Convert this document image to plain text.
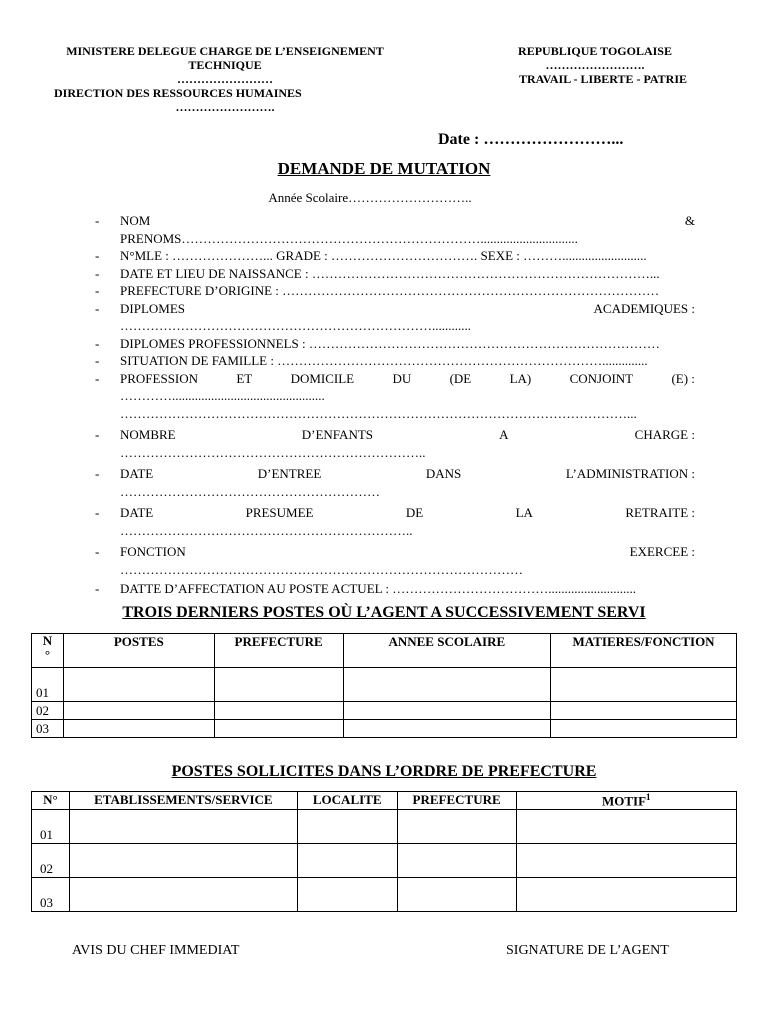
MINISTERE DELEGUE CHARGE DE L’ENSEIGNEMENT
TECHNIQUE
……………………
DIRECTION DES RESSOURCES HUMAINES
…………………….
REPUBLIQUE TOGOLAISE
…………………….
TRAVAIL - LIBERTE - PATRIE
Date : ……………………...
DEMANDE DE MUTATION
Année Scolaire………………………..
-	NOM	&
PRENOMS……………………………………………………………..............................
-	N°MLE : …………………... GRADE : ……………………………. SEXE : ………..........................
-	DATE ET LIEU DE NAISSANCE : ……………………………………………………………………...
-	PREFECTURE D’ORIGINE : ……………………………………………………………………………
-	DIPLOMES	ACADEMIQUES :
………………………………………………………………............
-	DIPLOMES PROFESSIONNELS : ………………………………………………………………………
-	SITUATION DE FAMILLE : …………………………………………………………………..............
-	PROFESSION	ET	DOMICILE	DU	(DE	LA)	CONJOINT	(E) :
…………...............................................
………………………………………………………………………………………………………...
-	NOMBRE	D’ENFANTS	A	CHARGE :
……………………………………………………………..
-	DATE	D’ENTREE	DANS	L’ADMINISTRATION :
……………………………………………………
-	DATE	PRESUMEE	DE	LA	RETRAITE :
…………………………………………………………..
-	FONCTION	EXERCEE :
…………………………………………………………………………………
-	DATTE D’AFFECTATION AU POSTE ACTUEL : ………………………………...........................
TROIS DERNIERS POSTES OÙ L’AGENT A SUCCESSIVEMENT SERVI
N °	POSTES	PREFECTURE	ANNEE SCOLAIRE	MATIERES/FONCTION
01				
02				
03				
POSTES SOLLICITES DANS L’ORDRE DE PREFECTURE
N°	ETABLISSEMENTS/SERVICE	LOCALITE	PREFECTURE	MOTIF$^1$
01				
02				
03				
AVIS DU CHEF IMMEDIAT	SIGNATURE DE L’AGENT
